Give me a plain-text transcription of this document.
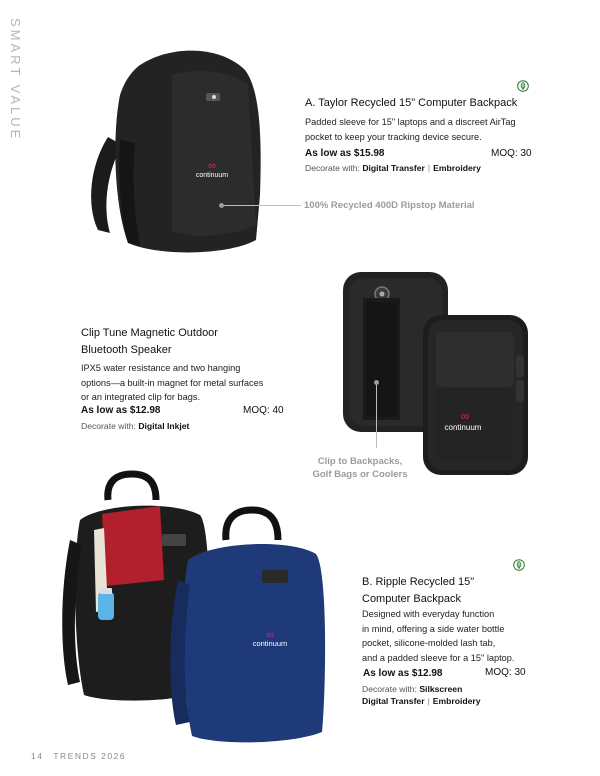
SMART VALUE
∞
continuum
100% Recycled 400D Ripstop Material
A. Taylor Recycled 15" Computer Backpack
Padded sleeve for 15" laptops and a discreet AirTag
pocket to keep your tracking device secure.
As low as $15.98	MOQ: 30
Decorate with: Digital Transfer | Embroidery
Clip Tune Magnetic Outdoor
Bluetooth Speaker
IPX5 water resistance and two hanging
options—a built-in magnet for metal surfaces
or an integrated clip for bags.
As low as $12.98	MOQ: 40
Decorate with: Digital Inkjet
∞
continuum
Clip to Backpacks,
Golf Bags or Coolers
∞
continuum
B. Ripple Recycled 15"
Computer Backpack
Designed with everyday function
in mind, offering a side water bottle
pocket, silicone-molded lash tab,
and a padded sleeve for a 15" laptop.
As low as $12.98	MOQ: 30
Decorate with: Silkscreen
Digital Transfer | Embroidery
14 TRENDS 2026
